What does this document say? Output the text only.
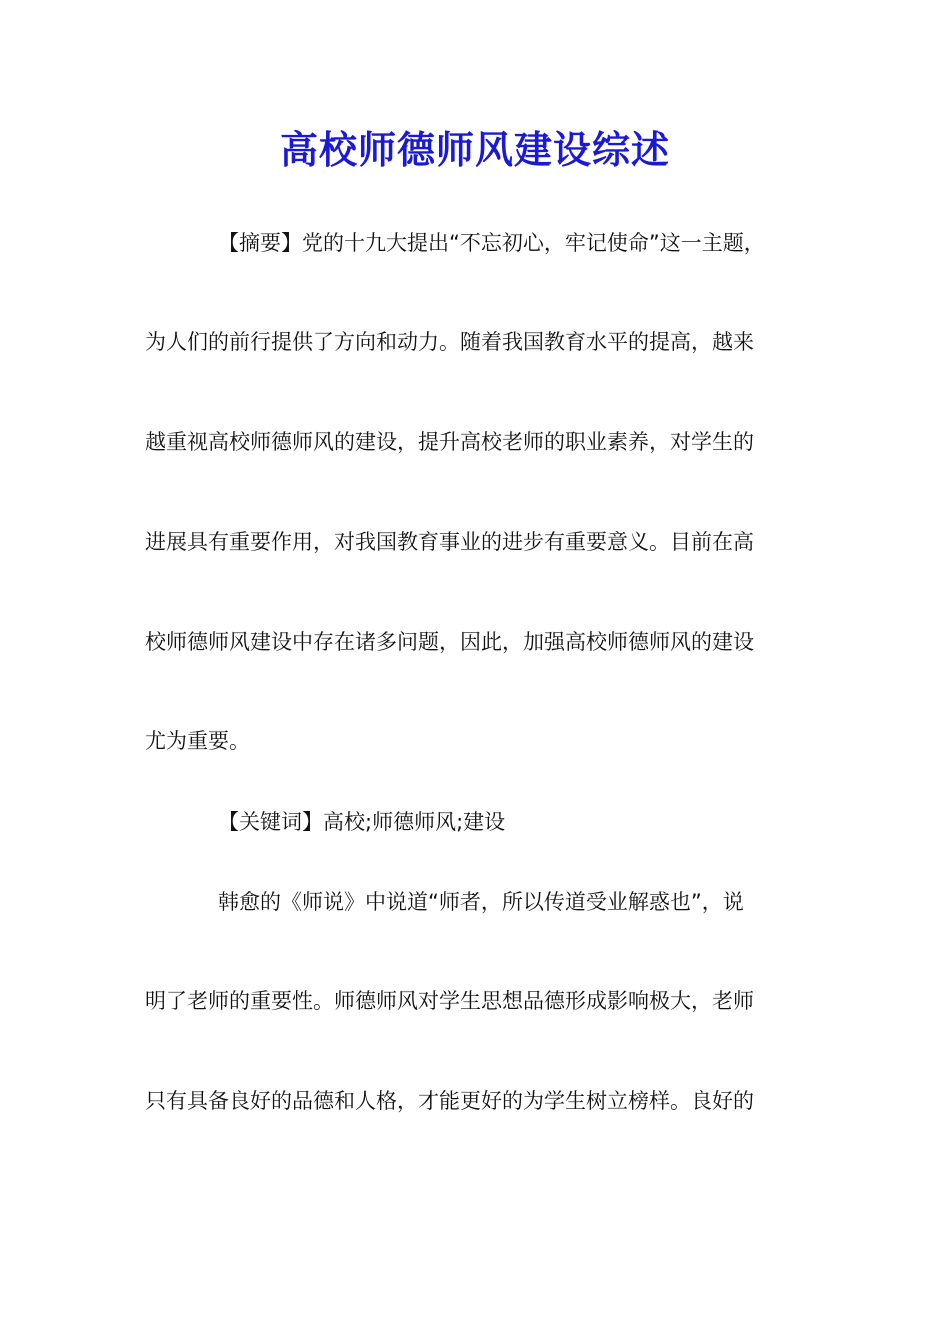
高校师德师风建设综述
【摘要】党的十九大提出“不忘初心，牢记使命”这一主题，
为人们的前行提供了方向和动力。随着我国教育水平的提高，越来
越重视高校师德师风的建设，提升高校老师的职业素养，对学生的
进展具有重要作用，对我国教育事业的进步有重要意义。目前在高
校师德师风建设中存在诸多问题，因此，加强高校师德师风的建设
尤为重要。
【关键词】高校;师德师风;建设
韩愈的《师说》中说道“师者，所以传道受业解惑也”，说
明了老师的重要性。师德师风对学生思想品德形成影响极大，老师
只有具备良好的品德和人格，才能更好的为学生树立榜样。良好的
